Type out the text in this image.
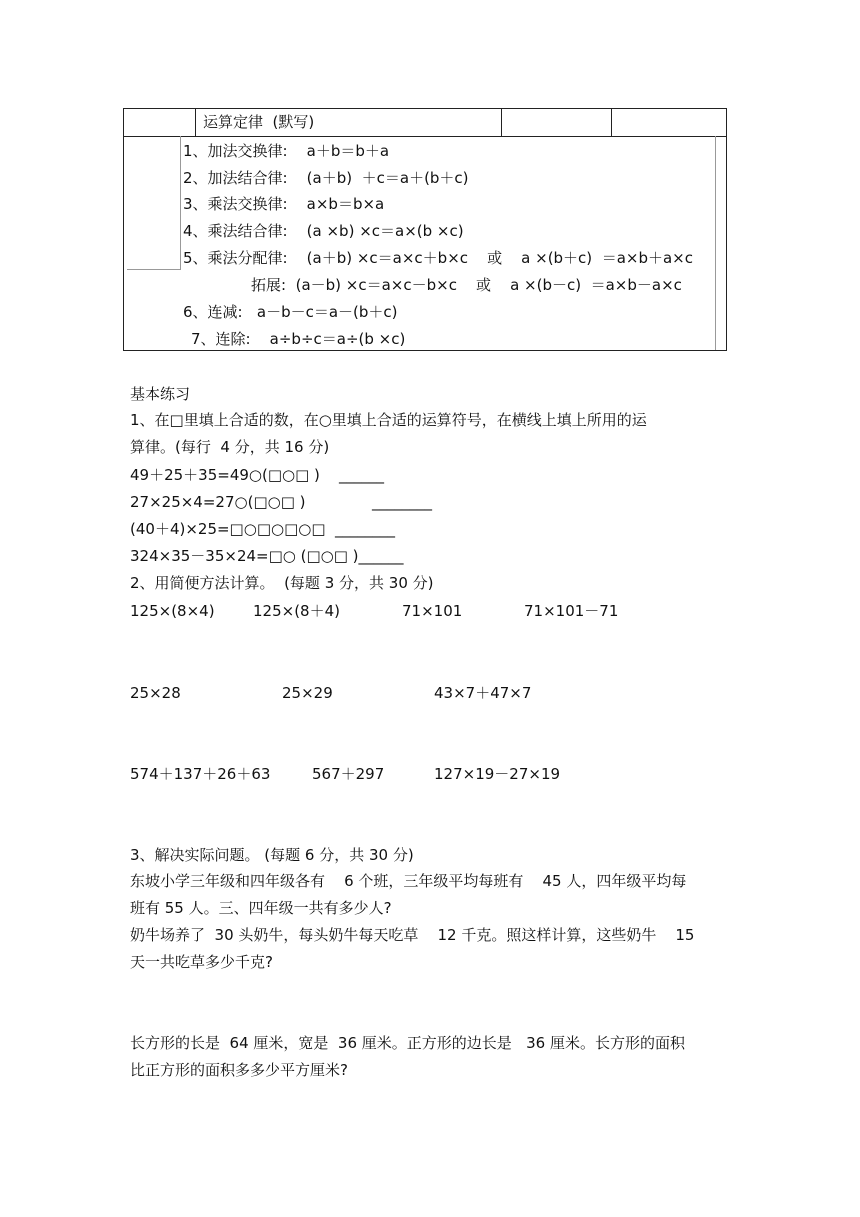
运算定律  (默写)
1、加法交换律:    a＋b＝b＋a
2、加法结合律:    (a＋b)  ＋c＝a＋(b＋c)
3、乘法交换律:    a×b＝b×a
4、乘法结合律:    (a ×b) ×c＝a×(b ×c)
5、乘法分配律:    (a＋b) ×c＝a×c＋b×c    或    a ×(b＋c)  ＝a×b＋a×c
拓展:  (a－b) ×c＝a×c－b×c    或    a ×(b－c)  ＝a×b－a×c
6、连减:   a－b－c＝a－(b＋c)
7、连除:    a÷b÷c＝a÷(b ×c)
基本练习
1、在□里填上合适的数，在○里填上合适的运算符号，在横线上填上所用的运
算律。(每行  4 分，共 16 分)
49＋25＋35=49○(□○□ )    ______
27×25×4=27○(□○□ )	________
(40＋4)×25=□○□○□○□  ________
324×35－35×24=□○ (□○□ )______
2、用简便方法计算。  (每题 3 分，共 30 分)
125×(8×4)	125×(8＋4)	71×101	71×101－71
25×28	25×29	43×7＋47×7
574＋137＋26＋63	567＋297	127×19－27×19
3、解决实际问题。 (每题 6 分，共 30 分)
东坡小学三年级和四年级各有    6 个班，三年级平均每班有    45 人，四年级平均每
班有 55 人。三、四年级一共有多少人?
奶牛场养了  30 头奶牛，每头奶牛每天吃草    12 千克。照这样计算，这些奶牛    15
天一共吃草多少千克?
长方形的长是  64 厘米，宽是  36 厘米。正方形的边长是   36 厘米。长方形的面积
比正方形的面积多多少平方厘米?
